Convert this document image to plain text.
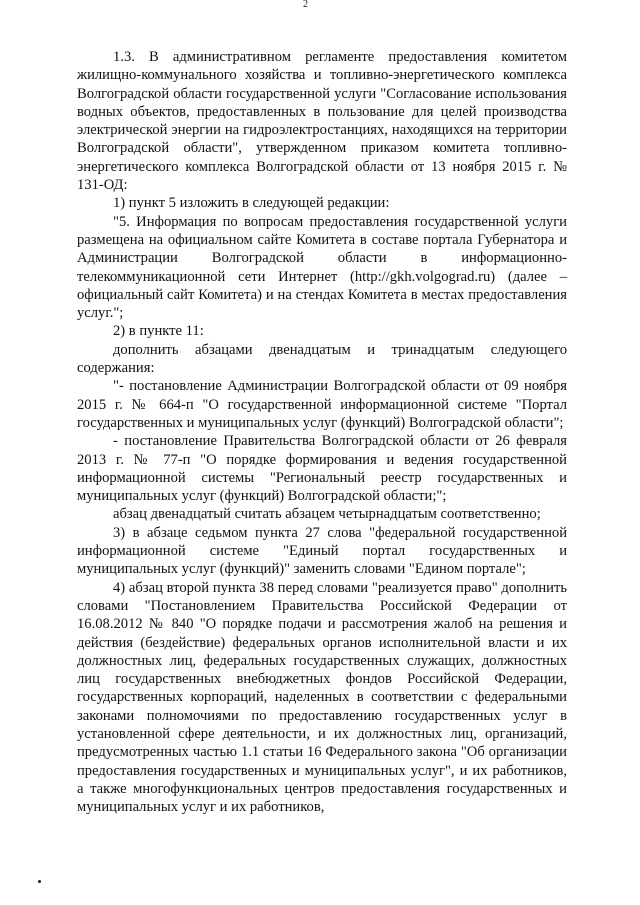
2

1.3. В административном регламенте предоставления комитетом жилищно-коммунального хозяйства и топливно-энергетического комплекса Волгоградской области государственной услуги "Согласование использования водных объектов, предоставленных в пользование для целей производства электрической энергии на гидроэлектростанциях, находящихся на территории Волгоградской области", утвержденном приказом комитета топливно-энергетического комплекса Волгоградской области от 13 ноября 2015 г. № 131-ОД:

1) пункт 5 изложить в следующей редакции:

"5. Информация по вопросам предоставления государственной услуги размещена на официальном сайте Комитета в составе портала Губернатора и Администрации Волгоградской области в информационно-телекоммуникационной сети Интернет (http://gkh.volgograd.ru) (далее – официальный сайт Комитета) и на стендах Комитета в местах предоставления услуг.";

2) в пункте 11:

дополнить абзацами двенадцатым и тринадцатым следующего содержания:

"- постановление Администрации Волгоградской области от 09 ноября 2015 г. № 664-п "О государственной информационной системе "Портал государственных и муниципальных услуг (функций) Волгоградской области";

- постановление Правительства Волгоградской области от 26 февраля 2013 г. № 77-п "О порядке формирования и ведения государственной информационной системы "Региональный реестр государственных и муниципальных услуг (функций) Волгоградской области;";

абзац двенадцатый считать абзацем четырнадцатым соответственно;

3) в абзаце седьмом пункта 27 слова "федеральной государственной информационной системе "Единый портал государственных и муниципальных услуг (функций)" заменить словами "Едином портале";

4) абзац второй пункта 38 перед словами "реализуется право" дополнить словами "Постановлением Правительства Российской Федерации от 16.08.2012 № 840 "О порядке подачи и рассмотрения жалоб на решения и действия (бездействие) федеральных органов исполнительной власти и их должностных лиц, федеральных государственных служащих, должностных лиц государственных внебюджетных фондов Российской Федерации, государственных корпораций, наделенных в соответствии с федеральными законами полномочиями по предоставлению государственных услуг в установленной сфере деятельности, и их должностных лиц, организаций, предусмотренных частью 1.1 статьи 16 Федерального закона "Об организации предоставления государственных и муниципальных услуг", и их работников, а также многофункциональных центров предоставления государственных и муниципальных услуг и их работников,
